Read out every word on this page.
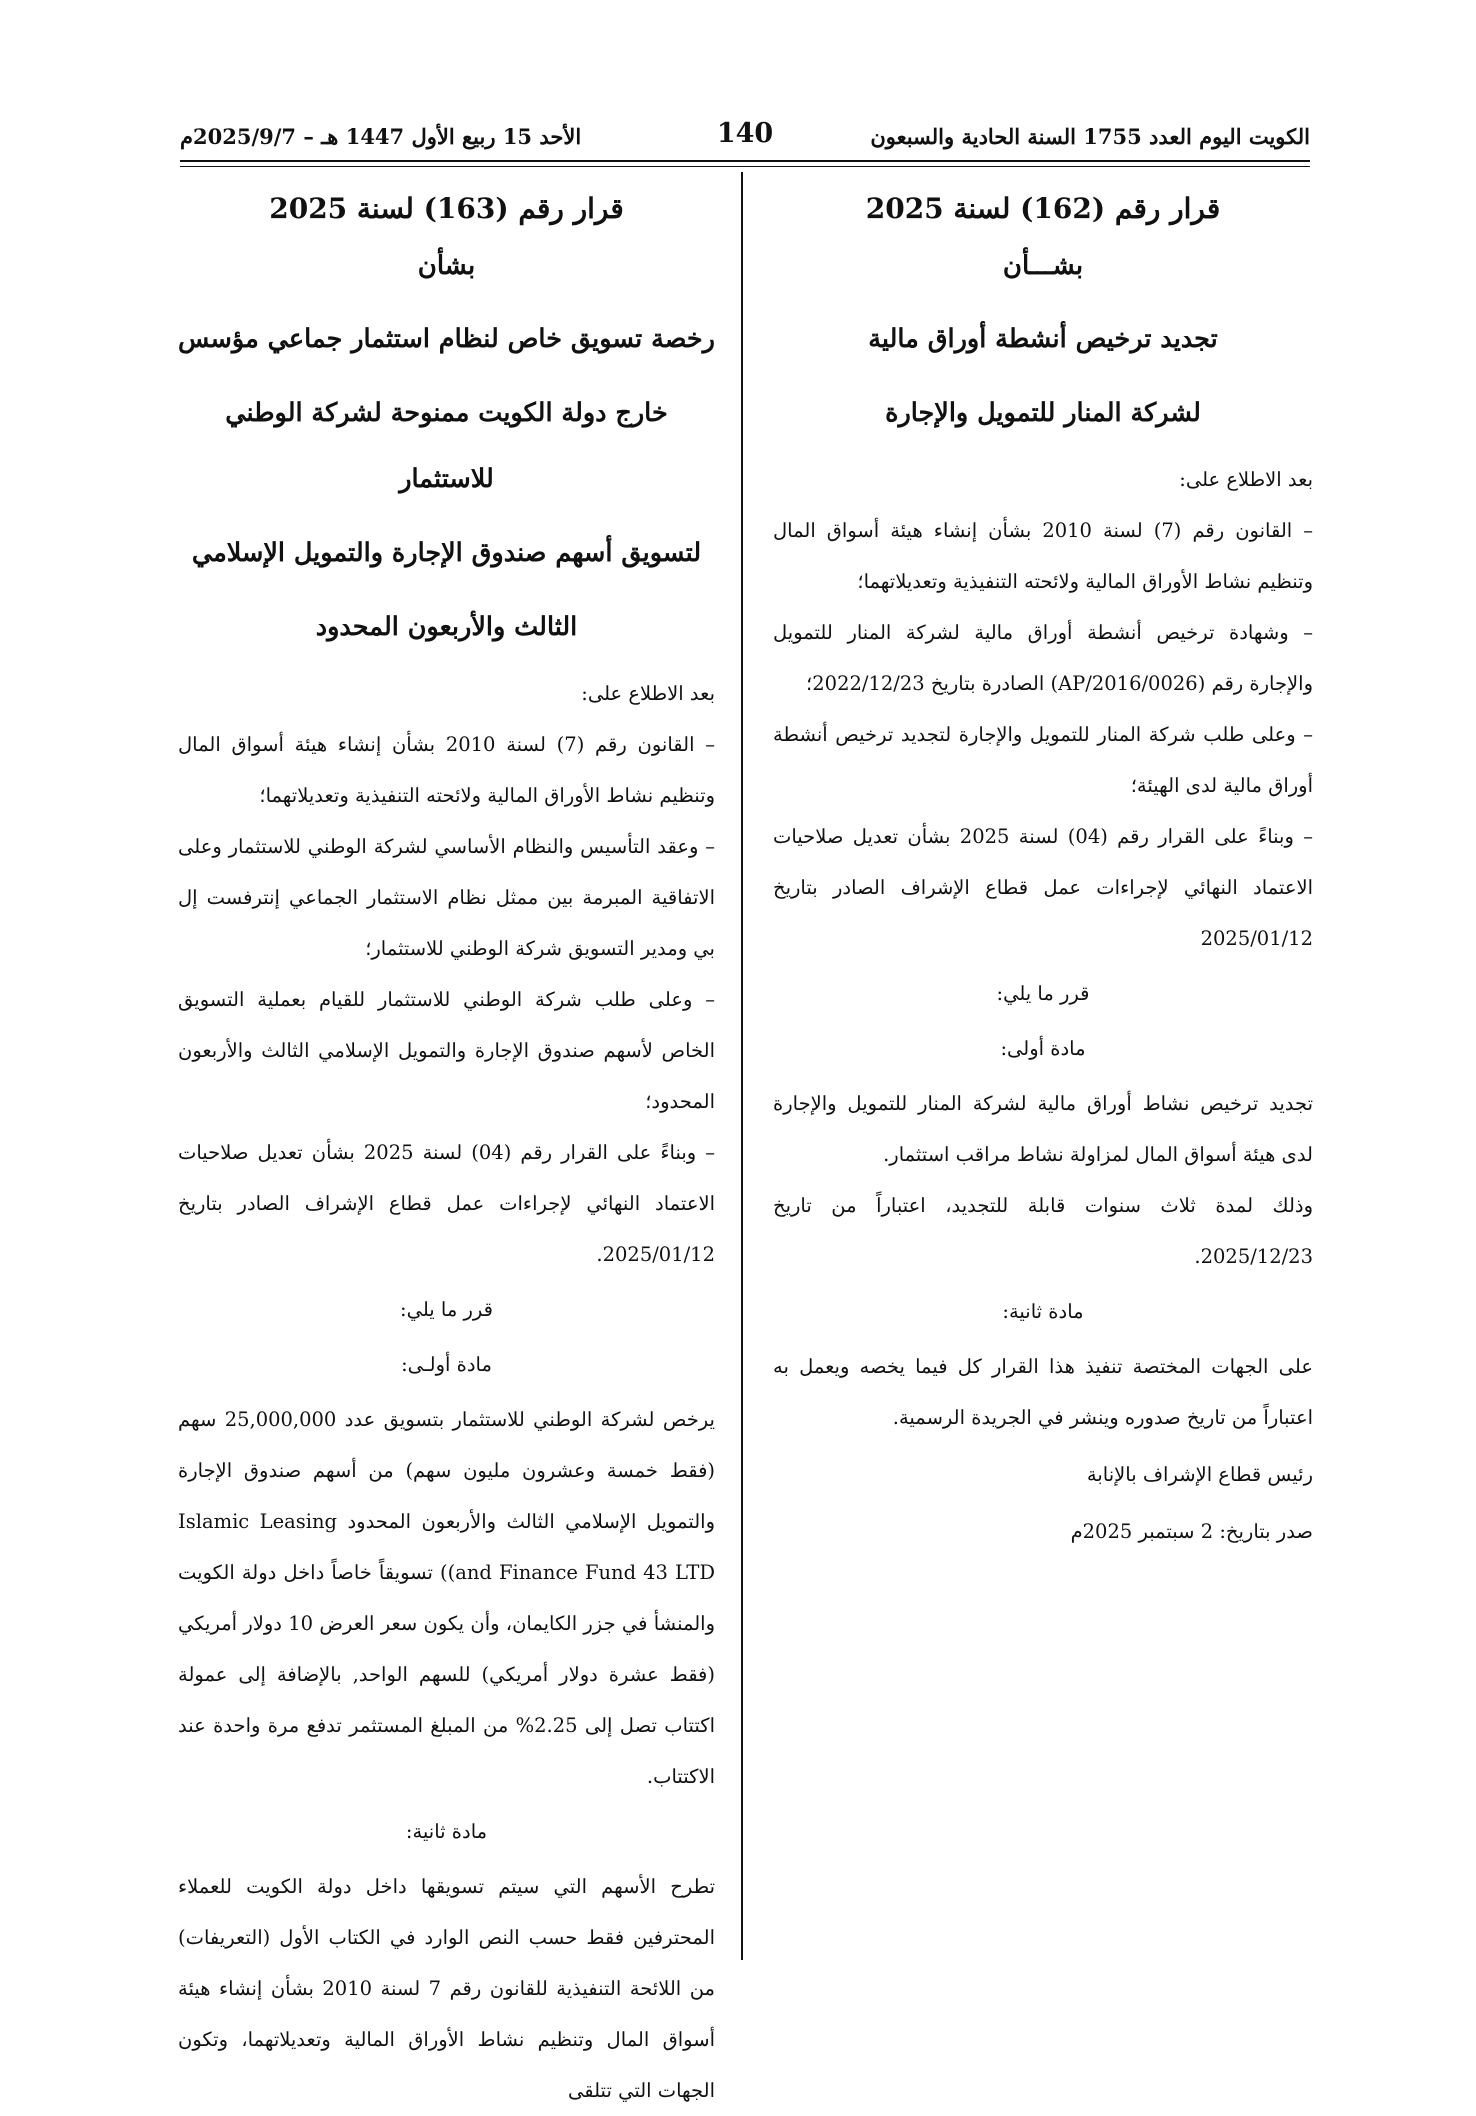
الكويت اليوم العدد 1755 السنة الحادية والسبعون
140
الأحد 15 ربيع الأول 1447 هـ – 2025/9/7م
قرار رقم (162) لسنة 2025
بشـــأن
تجديد ترخيص أنشطة أوراق مالية
لشركة المنار للتمويل والإجارة

بعد الاطلاع على:

– القانون رقم (7) لسنة 2010 بشأن إنشاء هيئة أسواق المال وتنظيم نشاط الأوراق المالية ولائحته التنفيذية وتعديلاتهما؛

– وشهادة ترخيص أنشطة أوراق مالية لشركة المنار للتمويل والإجارة رقم (AP/2016/0026) الصادرة بتاريخ 2022/12/23؛

– وعلى طلب شركة المنار للتمويل والإجارة لتجديد ترخيص أنشطة أوراق مالية لدى الهيئة؛

– وبناءً على القرار رقم (04) لسنة 2025 بشأن تعديل صلاحيات الاعتماد النهائي لإجراءات عمل قطاع الإشراف الصادر بتاريخ 2025/01/12

قرر ما يلي:

مادة أولى:

تجديد ترخيص نشاط أوراق مالية لشركة المنار للتمويل والإجارة لدى هيئة أسواق المال لمزاولة نشاط مراقب استثمار.

وذلك لمدة ثلاث سنوات قابلة للتجديد، اعتباراً من تاريخ 2025/12/23.

مادة ثانية:

على الجهات المختصة تنفيذ هذا القرار كل فيما يخصه ويعمل به اعتباراً من تاريخ صدوره وينشر في الجريدة الرسمية.

رئيس قطاع الإشراف بالإنابة

صدر بتاريخ: 2 سبتمبر 2025م

قرار رقم (163) لسنة 2025
بشأن
رخصة تسويق خاص لنظام استثمار جماعي مؤسس
خارج دولة الكويت ممنوحة لشركة الوطني للاستثمار
لتسويق أسهم صندوق الإجارة والتمويل الإسلامي
الثالث والأربعون المحدود

بعد الاطلاع على:

– القانون رقم (7) لسنة 2010 بشأن إنشاء هيئة أسواق المال وتنظيم نشاط الأوراق المالية ولائحته التنفيذية وتعديلاتهما؛

– وعقد التأسيس والنظام الأساسي لشركة الوطني للاستثمار وعلى الاتفاقية المبرمة بين ممثل نظام الاستثمار الجماعي إنترفست إل بي ومدير التسويق شركة الوطني للاستثمار؛

– وعلى طلب شركة الوطني للاستثمار للقيام بعملية التسويق الخاص لأسهم صندوق الإجارة والتمويل الإسلامي الثالث والأربعون المحدود؛

– وبناءً على القرار رقم (04) لسنة 2025 بشأن تعديل صلاحيات الاعتماد النهائي لإجراءات عمل قطاع الإشراف الصادر بتاريخ 2025/01/12.

قرر ما يلي:

مادة أولـى:

يرخص لشركة الوطني للاستثمار بتسويق عدد 25,000,000 سهم (فقط خمسة وعشرون مليون سهم) من أسهم صندوق الإجارة والتمويل الإسلامي الثالث والأربعون المحدود Islamic Leasing and Finance Fund 43 LTD)) تسويقاً خاصاً داخل دولة الكويت والمنشأ في جزر الكايمان، وأن يكون سعر العرض 10 دولار أمريكي (فقط عشرة دولار أمريكي) للسهم الواحد, بالإضافة إلى عمولة اكتتاب تصل إلى 2.25% من المبلغ المستثمر تدفع مرة واحدة عند الاكتتاب.

مادة ثانية:

تطرح الأسهم التي سيتم تسويقها داخل دولة الكويت للعملاء المحترفين فقط حسب النص الوارد في الكتاب الأول (التعريفات) من اللائحة التنفيذية للقانون رقم 7 لسنة 2010 بشأن إنشاء هيئة أسواق المال وتنظيم نشاط الأوراق المالية وتعديلاتهما، وتكون الجهات التي تتلقى
